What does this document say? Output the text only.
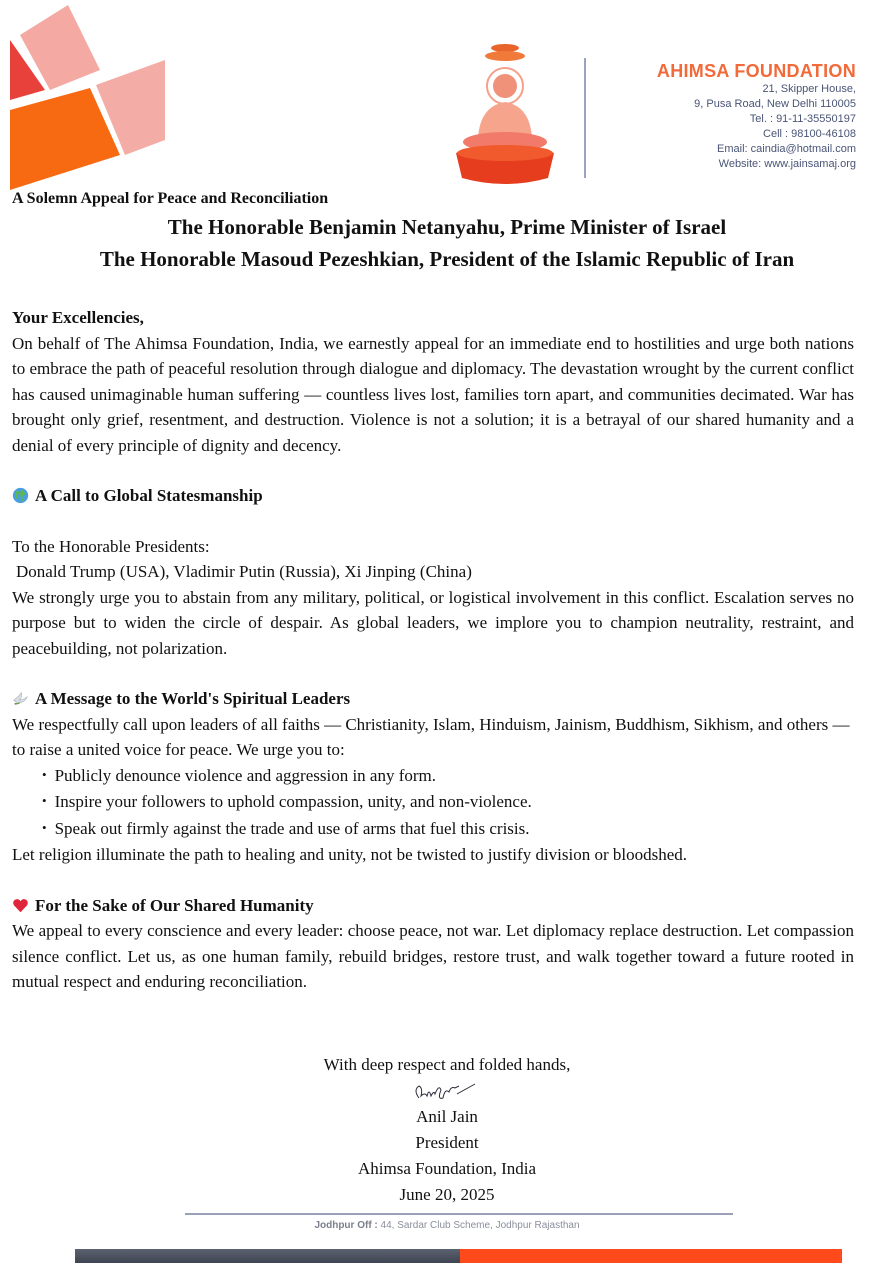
AHIMSA FOUNDATION
21, Skipper House,
9, Pusa Road, New Delhi 110005
Tel. : 91-11-35550197
Cell : 98100-46108
Email: caindia@hotmail.com
Website: www.jainsamaj.org
A Solemn Appeal for Peace and Reconciliation
The Honorable Benjamin Netanyahu, Prime Minister of Israel
The Honorable Masoud Pezeshkian, President of the Islamic Republic of Iran
Your Excellencies,
On behalf of The Ahimsa Foundation, India, we earnestly appeal for an immediate end to hostilities and urge both nations to embrace the path of peaceful resolution through dialogue and diplomacy. The devastation wrought by the current conflict has caused unimaginable human suffering — countless lives lost, families torn apart, and communities decimated. War has brought only grief, resentment, and destruction. Violence is not a solution; it is a betrayal of our shared humanity and a denial of every principle of dignity and decency.
A Call to Global Statesmanship
To the Honorable Presidents:
Donald Trump (USA), Vladimir Putin (Russia), Xi Jinping (China)
We strongly urge you to abstain from any military, political, or logistical involvement in this conflict. Escalation serves no purpose but to widen the circle of despair. As global leaders, we implore you to champion neutrality, restraint, and peacebuilding, not polarization.
A Message to the World's Spiritual Leaders
We respectfully call upon leaders of all faiths — Christianity, Islam, Hinduism, Jainism, Buddhism, Sikhism, and others — to raise a united voice for peace. We urge you to:
• Publicly denounce violence and aggression in any form.
• Inspire your followers to uphold compassion, unity, and non-violence.
• Speak out firmly against the trade and use of arms that fuel this crisis.
Let religion illuminate the path to healing and unity, not be twisted to justify division or bloodshed.
For the Sake of Our Shared Humanity
We appeal to every conscience and every leader: choose peace, not war. Let diplomacy replace destruction. Let compassion silence conflict. Let us, as one human family, rebuild bridges, restore trust, and walk together toward a future rooted in mutual respect and enduring reconciliation.
With deep respect and folded hands,
Anil Jain
President
Ahimsa Foundation, India
June 20, 2025
Jodhpur Off : 44, Sardar Club Scheme, Jodhpur Rajasthan
